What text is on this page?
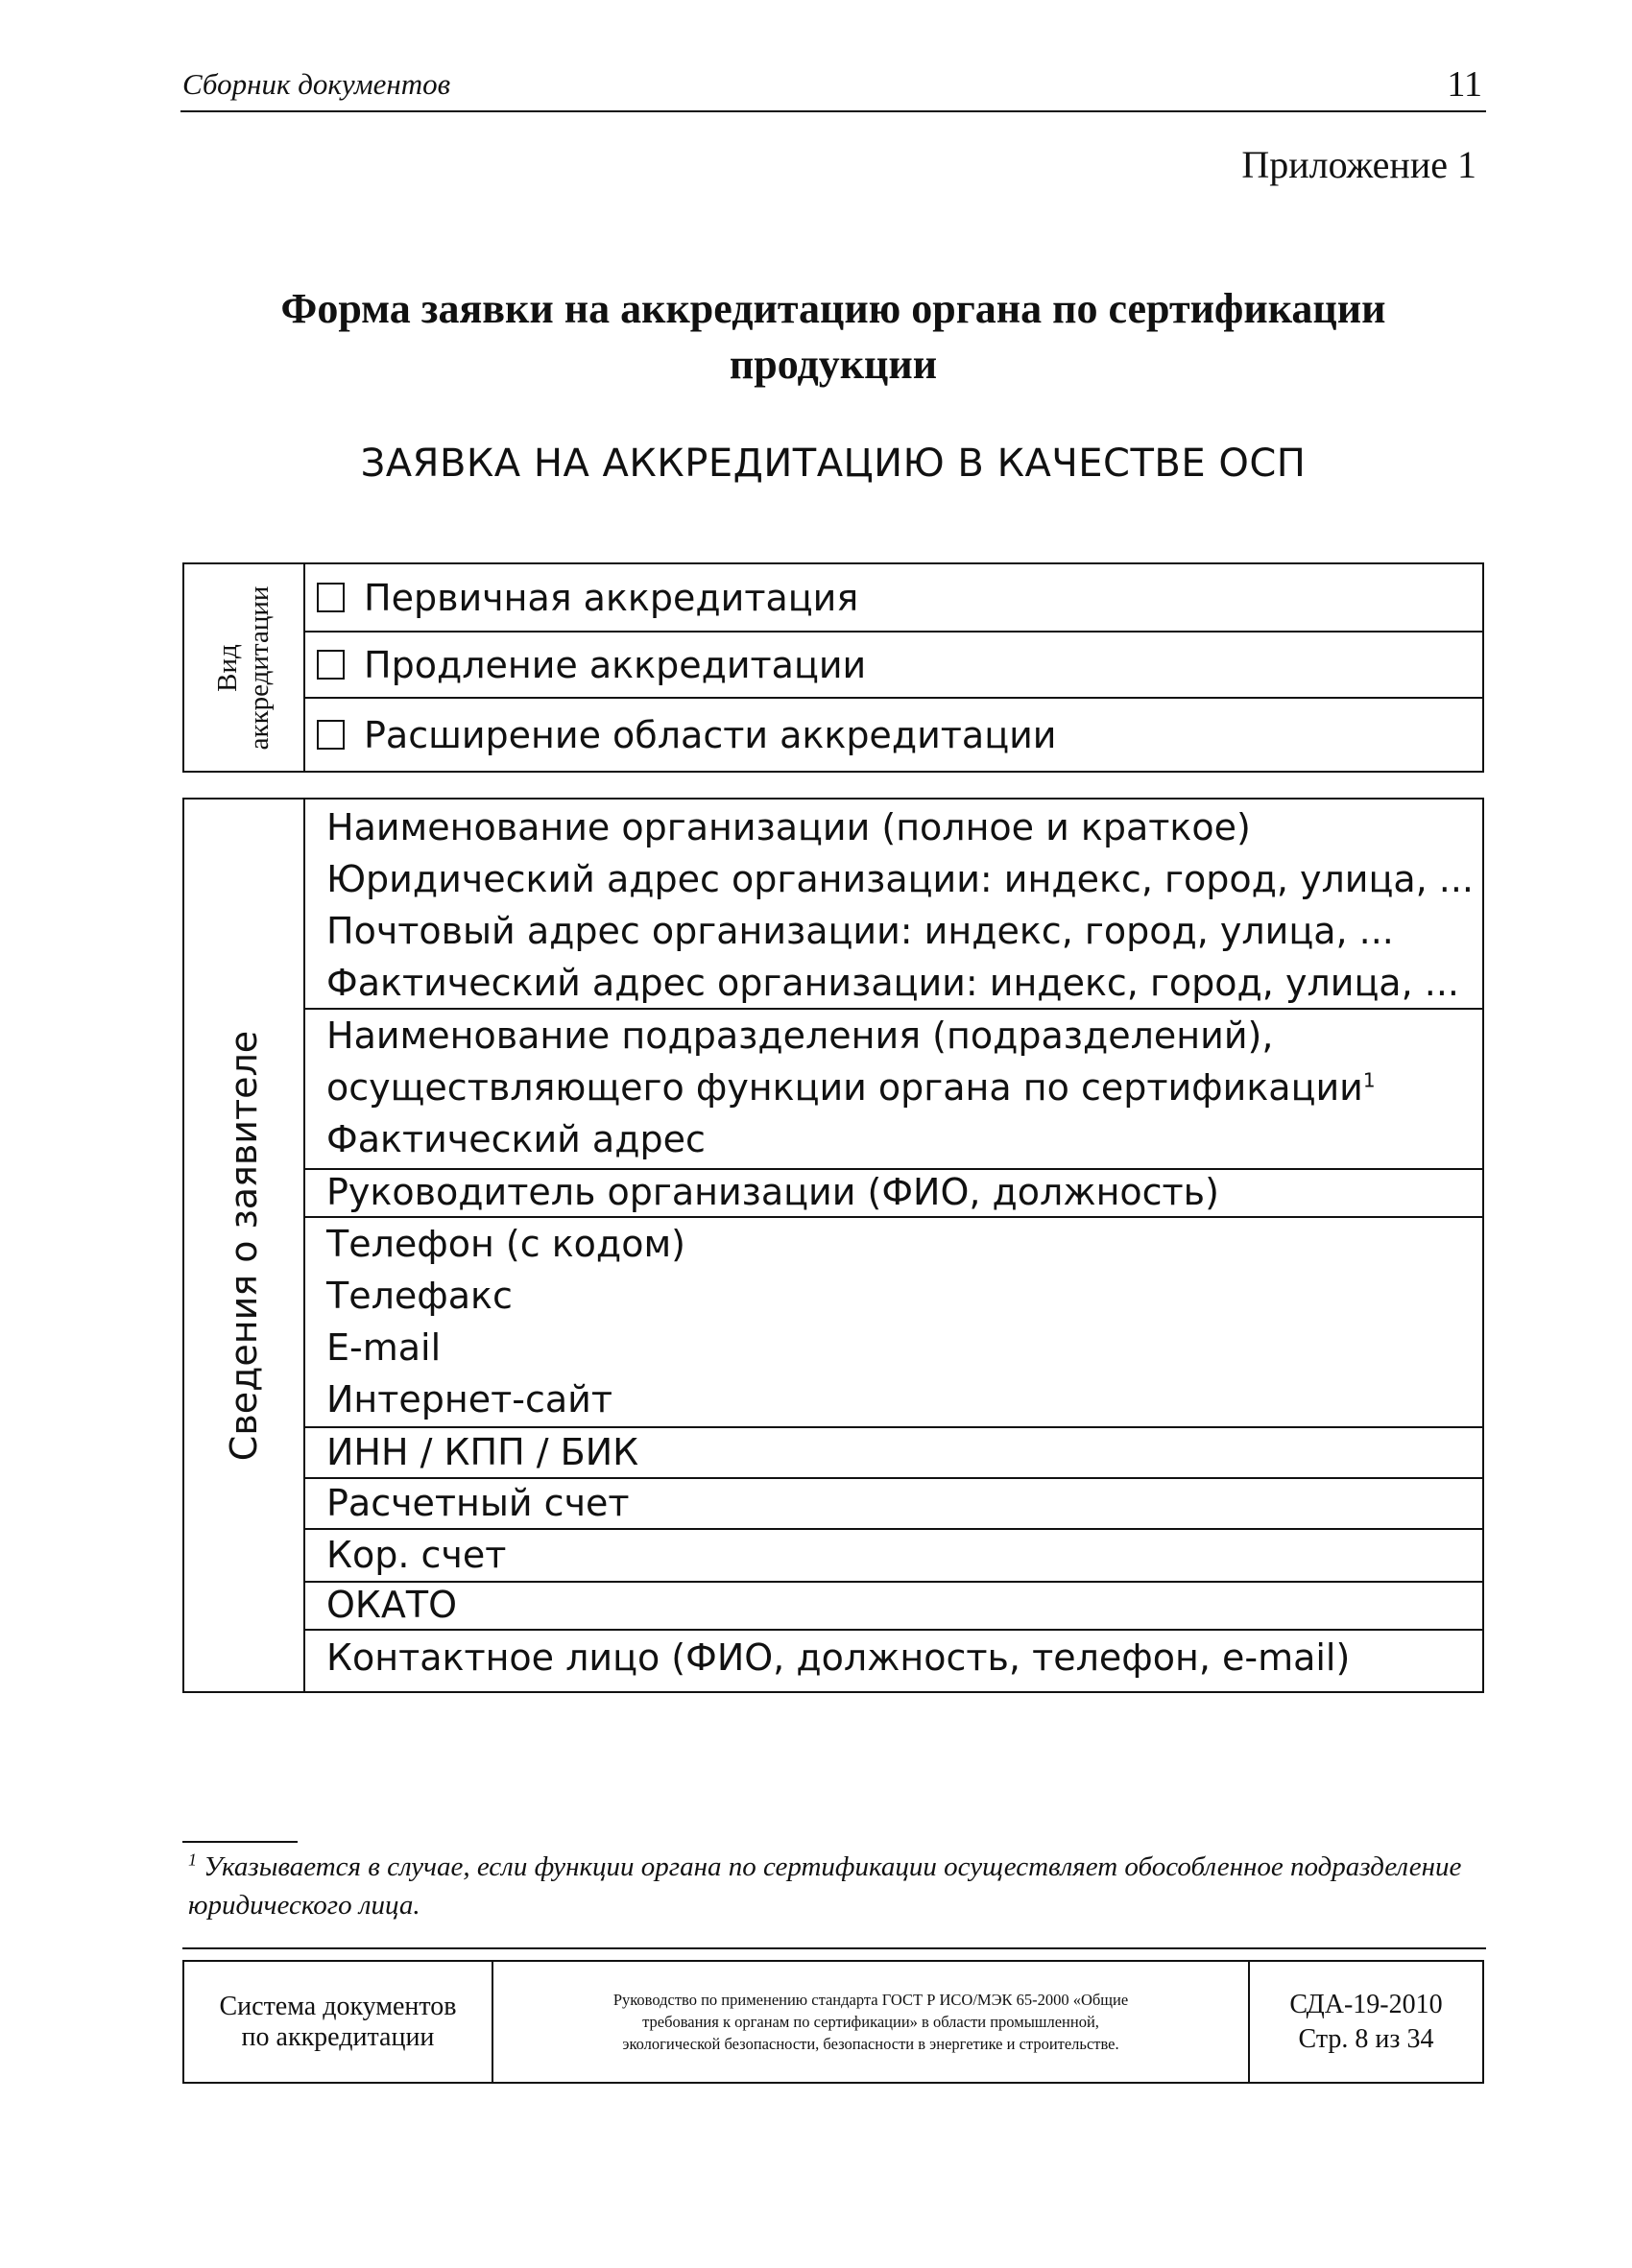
Сборник документов	11
Приложение 1
Форма заявки на аккредитацию органа по сертификации
продукции
ЗАЯВКА НА АККРЕДИТАЦИЮ В КАЧЕСТВЕ ОСП
Вид аккредитации Первичная аккредитация
Продление аккредитации
Расширение области аккредитации
Сведения о заявителе
Наименование организации (полное и краткое)
Юридический адрес организации: индекс, город, улица, ...
Почтовый адрес организации: индекс, город, улица, ...
Фактический адрес организации: индекс, город, улица, ...
Наименование подразделения (подразделений),
осуществляющего функции органа по сертификации$^1$
Фактический адрес
Руководитель организации (ФИО, должность)
Телефон (с кодом)
Телефакс
E-mail
Интернет-сайт
ИНН / КПП / БИК
Расчетный счет
Кор. счет
ОКАТО
Контактное лицо (ФИО, должность, телефон, e-mail)
$^1$ Указывается в случае, если функции органа по сертификации осуществляет обособленное подразделение юридического лица.
Система документов
по аккредитации
Руководство по применению стандарта ГОСТ Р ИСО/МЭК 65-2000 «Общие
требования к органам по сертификации» в области промышленной,
экологической безопасности, безопасности в энергетике и строительстве.
СДА-19-2010
Стр. 8 из 34
